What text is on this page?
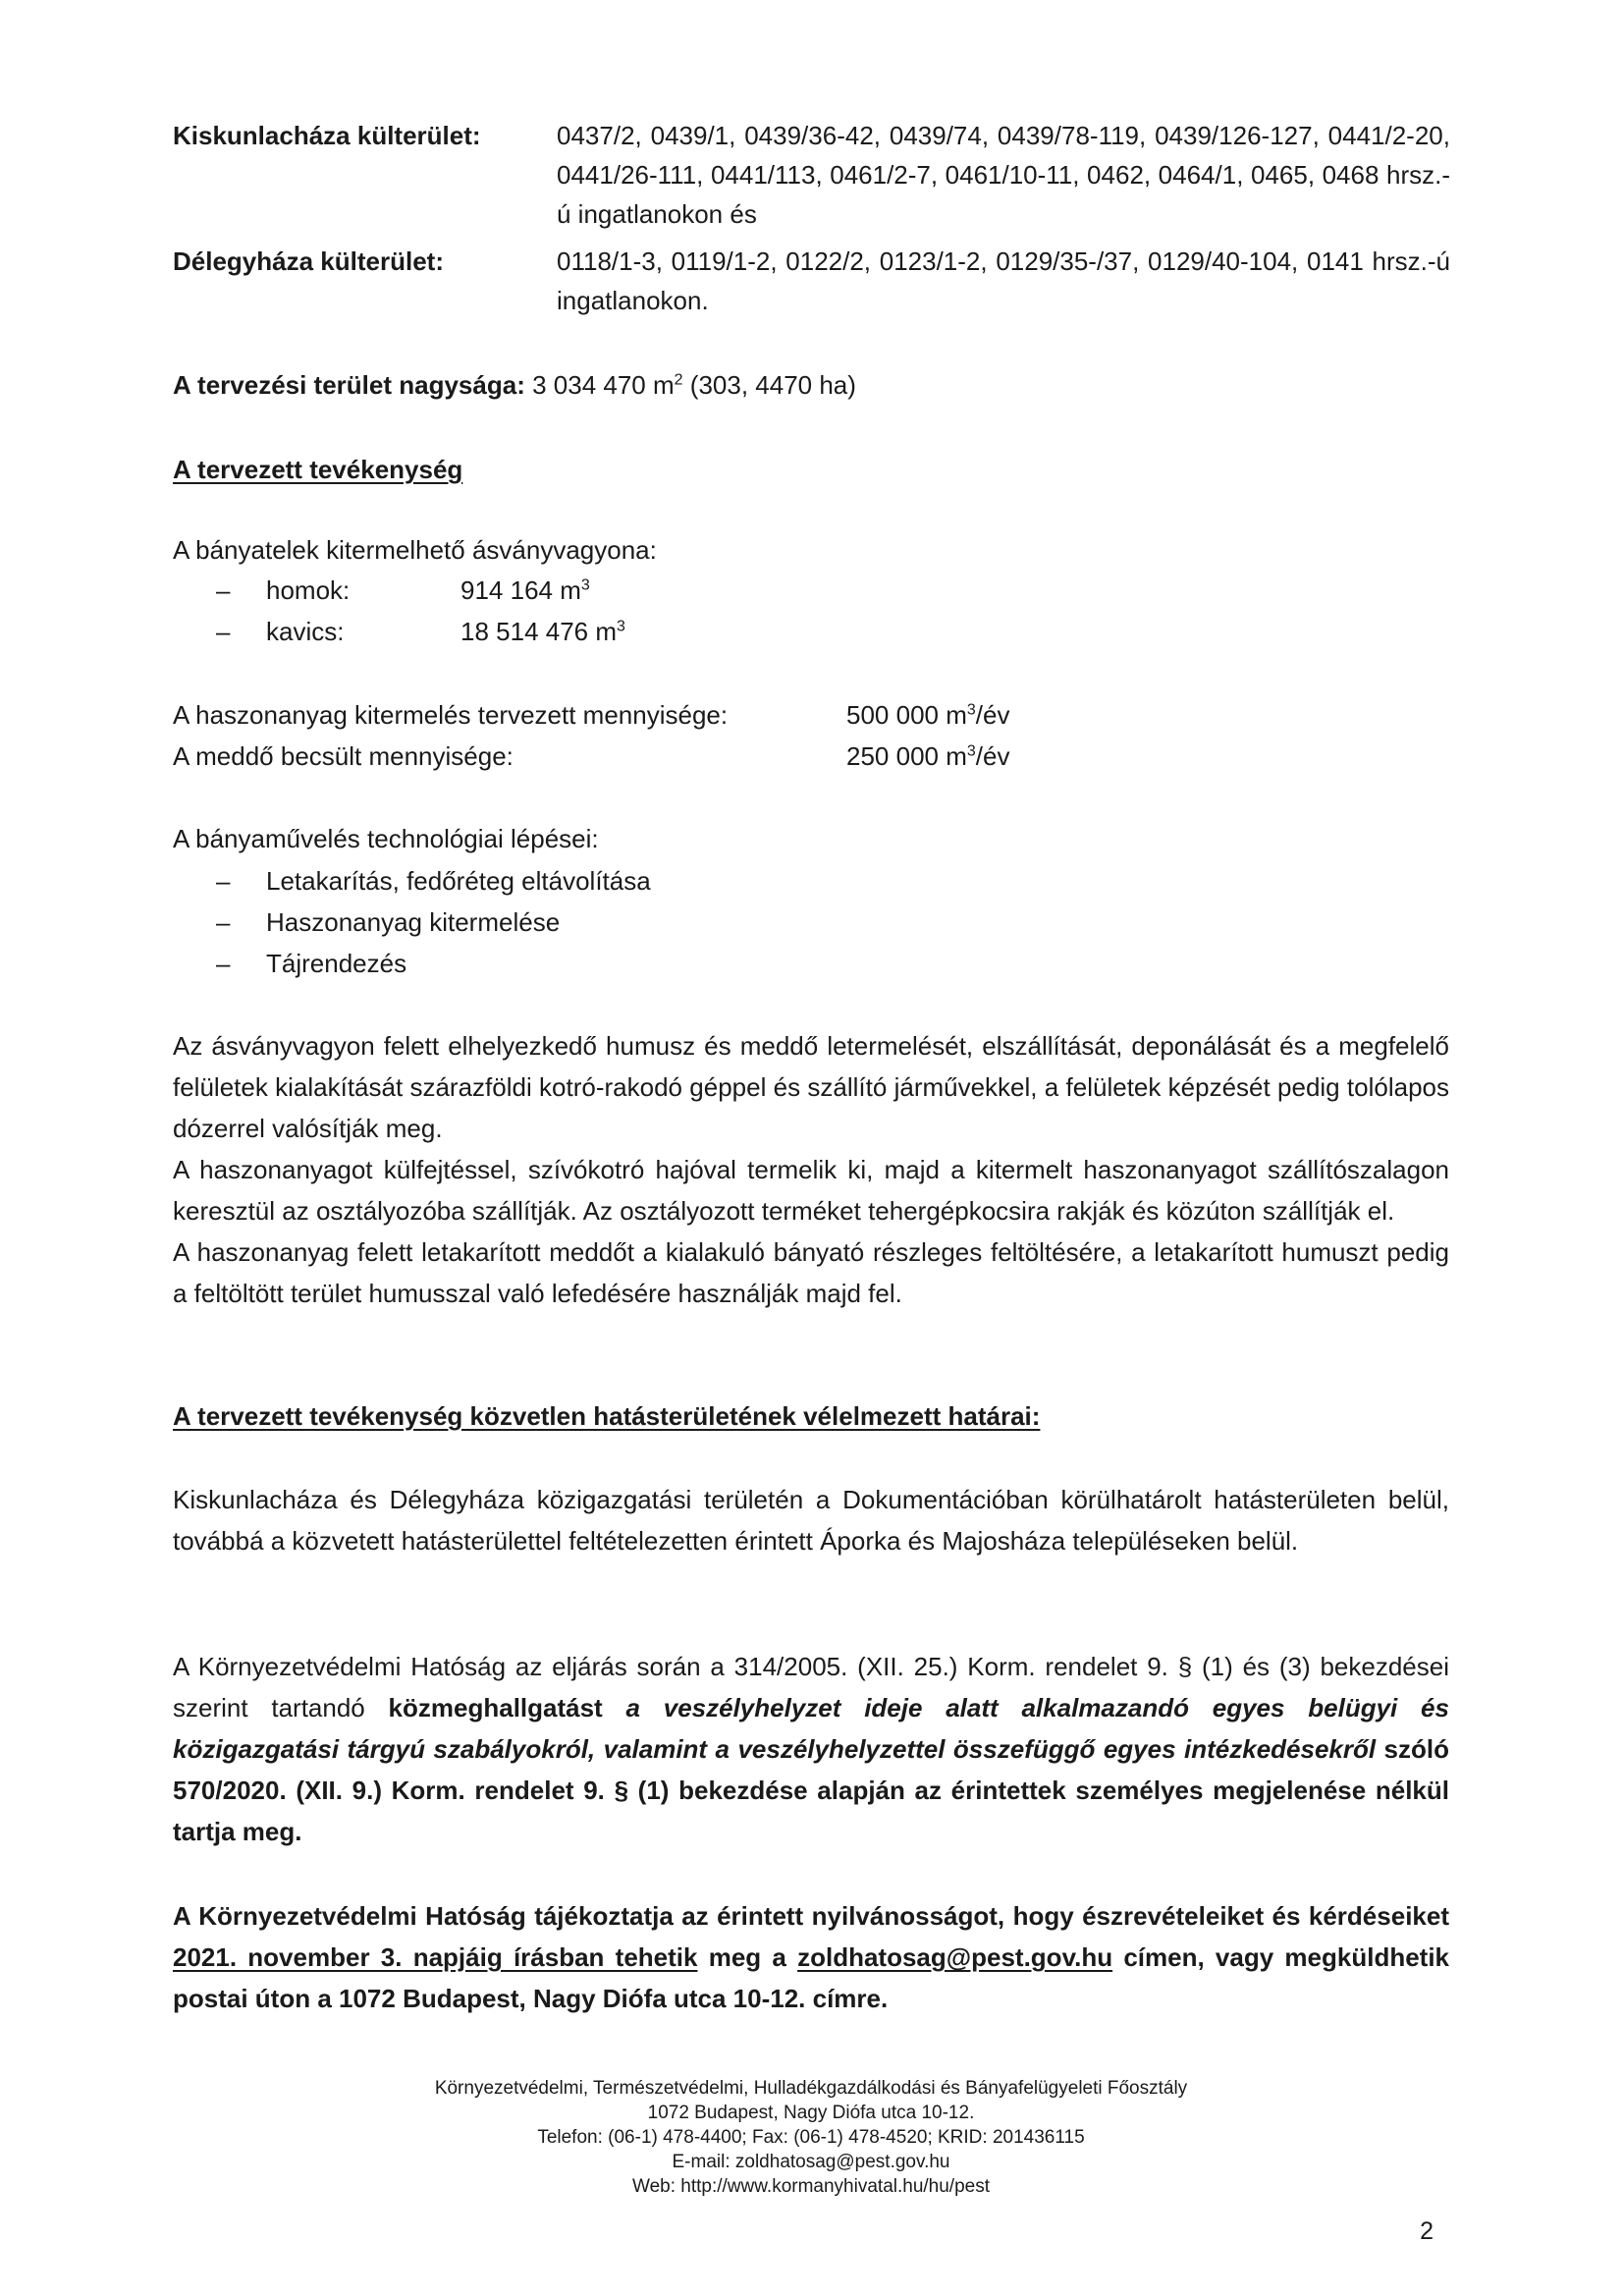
Kiskunlacháza külterület:	0437/2, 0439/1, 0439/36-42, 0439/74, 0439/78-119, 0439/126-127, 0441/2-20, 0441/26-111, 0441/113, 0461/2-7, 0461/10-11, 0462, 0464/1, 0465, 0468 hrsz.-ú ingatlanokon és
Délegyháza külterület:	0118/1-3, 0119/1-2, 0122/2, 0123/1-2, 0129/35-/37, 0129/40-104, 0141 hrsz.-ú ingatlanokon.
A tervezési terület nagysága: 3 034 470 $m^2$ (303, 4470 ha)
A tervezett tevékenység
A bányatelek kitermelhető ásványvagyona:
– homok:	914 164 $m^3$
– kavics:	18 514 476 $m^3$
A haszonanyag kitermelés tervezett mennyisége:	500 000 $m^3/év$
A meddő becsült mennyisége:	250 000 $m^3/év$
A bányaművelés technológiai lépései:
– Letakarítás, fedőréteg eltávolítása
– Haszonanyag kitermelése
– Tájrendezés

Az ásványvagyon felett elhelyezkedő humusz és meddő letermelését, elszállítását, deponálását és a megfelelő felületek kialakítását szárazföldi kotró-rakodó géppel és szállító járművekkel, a felületek képzését pedig tolólapos dózerrel valósítják meg.

A haszonanyagot külfejtéssel, szívókotró hajóval termelik ki, majd a kitermelt haszonanyagot szállítószalagon keresztül az osztályozóba szállítják. Az osztályozott terméket tehergépkocsira rakják és közúton szállítják el.

A haszonanyag felett letakarított meddőt a kialakuló bányató részleges feltöltésére, a letakarított humuszt pedig a feltöltött terület humusszal való lefedésére használják majd fel.

A tervezett tevékenység közvetlen hatásterületének vélelmezett határai:
Kiskunlacháza és Délegyháza közigazgatási területén a Dokumentációban körülhatárolt hatásterületen belül, továbbá a közvetett hatásterülettel feltételezetten érintett Áporka és Majosháza településeken belül.
A Környezetvédelmi Hatóság az eljárás során a 314/2005. (XII. 25.) Korm. rendelet 9. § (1) és (3) bekezdései szerint tartandó közmeghallgatást a veszélyhelyzet ideje alatt alkalmazandó egyes belügyi és közigazgatási tárgyú szabályokról, valamint a veszélyhelyzettel összefüggő egyes intézkedésekről szóló 570/2020. (XII. 9.) Korm. rendelet 9. § (1) bekezdése alapján az érintettek személyes megjelenése nélkül tartja meg.
A Környezetvédelmi Hatóság tájékoztatja az érintett nyilvánosságot, hogy észrevételeiket és kérdéseiket 2021. november 3. napjáig írásban tehetik meg a zoldhatosag@pest.gov.hu címen, vagy megküldhetik postai úton a 1072 Budapest, Nagy Diófa utca 10-12. címre.
Környezetvédelmi, Természetvédelmi, Hulladékgazdálkodási és Bányafelügyeleti Főosztály
1072 Budapest, Nagy Diófa utca 10-12.
Telefon: (06-1) 478-4400; Fax: (06-1) 478-4520; KRID: 201436115
E-mail: zoldhatosag@pest.gov.hu
Web: http://www.kormanyhivatal.hu/hu/pest
2
